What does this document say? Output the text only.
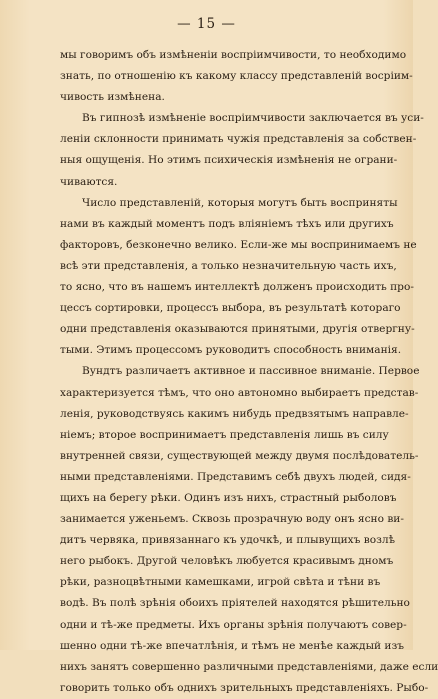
— 15 —
мы говоримъ объ измѣненіи воспріимчивости, то необходимо
знать, по отношенію къ какому классу представленій восріим-
чивость измѣнена.
Въ гипнозѣ измѣненіе воспріимчивости заключается въ уси-
леніи склонности принимать чужія представленія за собствен-
ныя ощущенія. Но этимъ психическія измѣненія не ограни-
чиваются.
Число представленій, которыя могутъ быть восприняты
нами въ каждый моментъ подъ вліяніемъ тѣхъ или другихъ
факторовъ, безконечно велико. Если-же мы воспринимаемъ не
всѣ эти представленія, а только незначительную часть ихъ,
то ясно, что въ нашемъ интеллектѣ долженъ происходить про-
цессъ сортировки, процессъ выбора, въ результатѣ котораго
одни представленія оказываются принятыми, другія отвергну-
тыми. Этимъ процессомъ руководитъ способность вниманія.
Вундтъ различаетъ активное и пассивное вниманіе. Первое
характеризуется тѣмъ, что оно автономно выбираетъ представ-
ленія, руководствуясь какимъ нибудь предвзятымъ направле-
ніемъ; второе воспринимаетъ представленія лишь въ силу
внутренней связи, существующей между двумя послѣдователь-
ными представленіями. Представимъ себѣ двухъ людей, сидя-
щихъ на берегу рѣки. Одинъ изъ нихъ, страстный рыболовъ
занимается уженьемъ. Сквозь прозрачную воду онъ ясно ви-
дитъ червяка, привязаннаго къ удочкѣ, и плывущихъ возлѣ
него рыбокъ. Другой человѣкъ любуется красивымъ дномъ
рѣки, разноцвѣтными камешками, игрой свѣта и тѣни въ
водѣ. Въ полѣ зрѣнія обоихъ пріятелей находятся рѣшительно
одни и тѣ-же предметы. Ихъ органы зрѣнія получаютъ совер-
шенно одни тѣ-же впечатлѣнія, и тѣмъ не менѣе каждый изъ
нихъ занятъ совершенно различными представленіями, даже если
говорить только объ однихъ зрительныхъ представленіяхъ. Рыбо-
